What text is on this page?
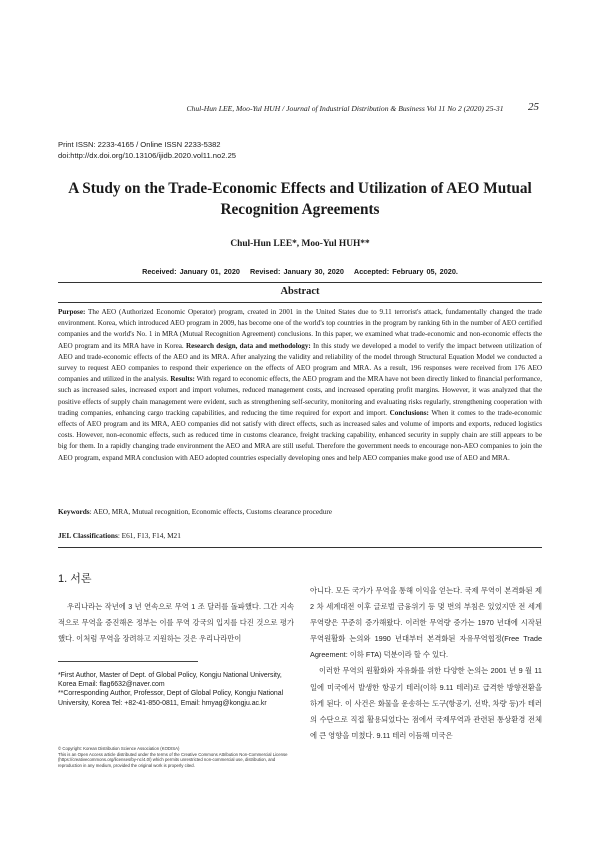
Chul-Hun LEE, Moo-Yul HUH / Journal of Industrial Distribution & Business Vol 11 No 2 (2020) 25-31	25
Print ISSN: 2233-4165 / Online ISSN 2233-5382
doi:http://dx.doi.org/10.13106/ijidb.2020.vol11.no2.25
A Study on the Trade-Economic Effects and Utilization of AEO Mutual Recognition Agreements
Chul-Hun LEE*, Moo-Yul HUH**
Received: January 01, 2020 Revised: January 30, 2020 Accepted: February 05, 2020.
Abstract
Purpose: The AEO (Authorized Economic Operator) program, created in 2001 in the United States due to 9.11 terrorist's attack, fundamentally changed the trade environment. Korea, which introduced AEO program in 2009, has become one of the world's top countries in the program by ranking 6th in the number of AEO certified companies and the world's No. 1 in MRA (Mutual Recognition Agreement) conclusions. In this paper, we examined what trade-economic and non-economic effects the AEO program and its MRA have in Korea. Research design, data and methodology: In this study we developed a model to verify the impact between utilization of AEO and trade-economic effects of the AEO and its MRA. After analyzing the validity and reliability of the model through Structural Equation Model we conducted a survey to request AEO companies to respond their experience on the effects of AEO program and MRA. As a result, 196 responses were received from 176 AEO companies and utilized in the analysis. Results: With regard to economic effects, the AEO program and the MRA have not been directly linked to financial performance, such as increased sales, increased export and import volumes, reduced management costs, and increased operating profit margins. However, it was analyzed that the positive effects of supply chain management were evident, such as strengthening self-security, monitoring and evaluating risks regularly, strengthening cooperation with trading companies, enhancing cargo tracking capabilities, and reducing the time required for export and import. Conclusions: When it comes to the trade-economic effects of AEO program and its MRA, AEO companies did not satisfy with direct effects, such as increased sales and volume of imports and exports, reduced logistics costs. However, non-economic effects, such as reduced time in customs clearance, freight tracking capability, enhanced security in supply chain are still appears to be big for them. In a rapidly changing trade environment the AEO and MRA are still useful. Therefore the government needs to encourage non-AEO companies to join the AEO program, expand MRA conclusion with AEO adopted countries especially developing ones and help AEO companies make good use of AEO and MRA.
Keywords: AEO, MRA, Mutual recognition, Economic effects, Customs clearance procedure
JEL Classifications: E61, F13, F14, M21
1. 서론
우리나라는 작년에 3 년 연속으로 무역 1 조 달러를 돌파했다. 그간 지속적으로 무역을 증진해온 정부는 이를 무역 강국의 입지를 다진 것으로 평가했다. 이처럼 무역을 장려하고 지원하는 것은 우리나라만이

아니다. 모든 국가가 무역을 통해 이익을 얻는다. 국제 무역이 본격화된 제 2 차 세계대전 이후 글로벌 금융위기 등 몇 번의 부침은 있었지만 전 세계 무역량은 꾸준히 증가해왔다. 이러한 무역량 증가는 1970 년대에 시작된 무역원활화 논의와 1990 년대부터 본격화된 자유무역협정(Free Trade Agreement: 이하 FTA) 덕분이라 할 수 있다.

이러한 무역의 원활화와 자유화를 위한 다양한 논의는 2001 년 9 월 11 일에 미국에서 발생한 항공기 테러(이하 9.11 테러)로 급격한 방향전환을 하게 된다. 이 사건은 화물을 운송하는 도구(항공기, 선박, 차량 등)가 테러의 수단으로 직접 활용되었다는 점에서 국제무역과 관련된 통상환경 전체에 큰 영향을 미쳤다. 9.11 테러 이듬해 미국은

*First Author, Master of Dept. of Global Policy, Kongju National University, Korea Email: flag6632@naver.com
**Corresponding Author, Professor, Dept of Global Policy, Kongju National University, Korea Tel: +82-41-850-0811, Email: hmyag@kongju.ac.kr

© Copyright: Korean Distribution Science Association (KODISA)

This is an Open Access article distributed under the terms of the Creative Commons Attribution Non-Commercial License (https://creativecommons.org/licenses/by-nc/4.0/) which permits unrestricted non-commercial use, distribution, and reproduction in any medium, provided the original work is properly cited.
